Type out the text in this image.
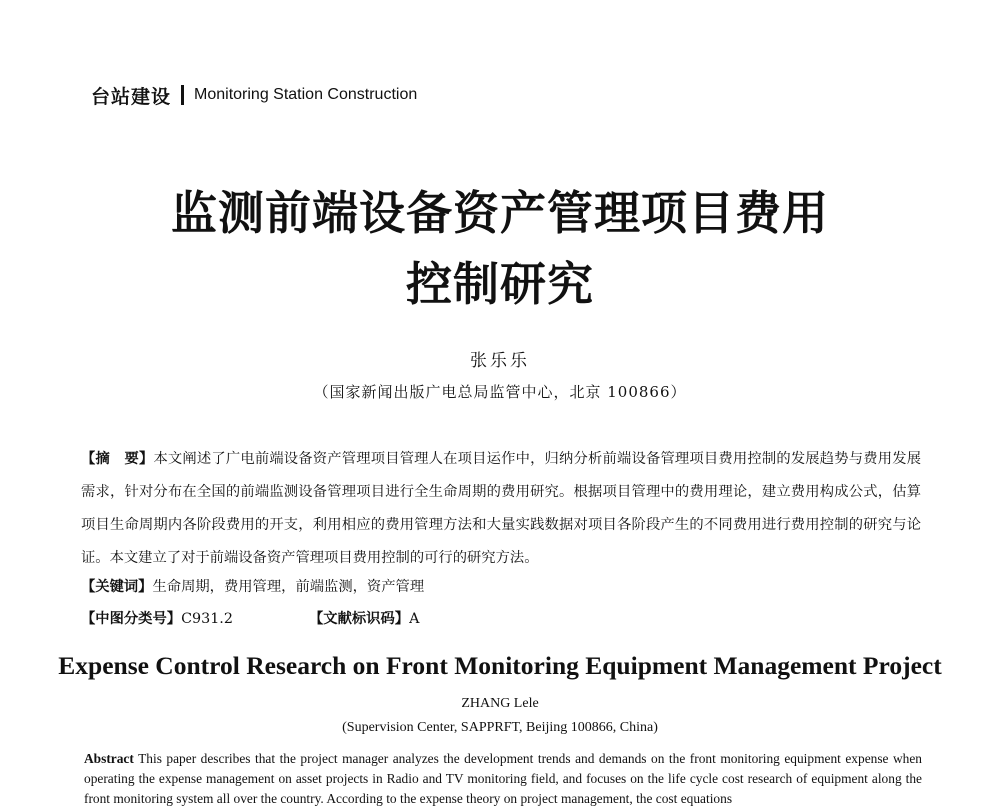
台站建设 Monitoring Station Construction
监测前端设备资产管理项目费用
控制研究
张乐乐
（国家新闻出版广电总局监管中心，北京 100866）
【摘　要】本文阐述了广电前端设备资产管理项目管理人在项目运作中，归纳分析前端设备管理项目费用控制的发展趋势与费用发展需求，针对分布在全国的前端监测设备管理项目进行全生命周期的费用研究。根据项目管理中的费用理论，建立费用构成公式，估算项目生命周期内各阶段费用的开支，利用相应的费用管理方法和大量实践数据对项目各阶段产生的不同费用进行费用控制的研究与论证。本文建立了对于前端设备资产管理项目费用控制的可行的研究方法。
【关键词】生命周期，费用管理，前端监测，资产管理
【中图分类号】C931.2	【文献标识码】A
Expense Control Research on Front Monitoring Equipment Management Project
ZHANG Lele
(Supervision Center, SAPPRFT, Beijing 100866, China)
Abstract This paper describes that the project manager analyzes the development trends and demands on the front monitoring equipment expense when operating the expense management on asset projects in Radio and TV monitoring field, and focuses on the life cycle cost research of equipment along the front monitoring system all over the country. According to the expense theory on project management, the cost equations
